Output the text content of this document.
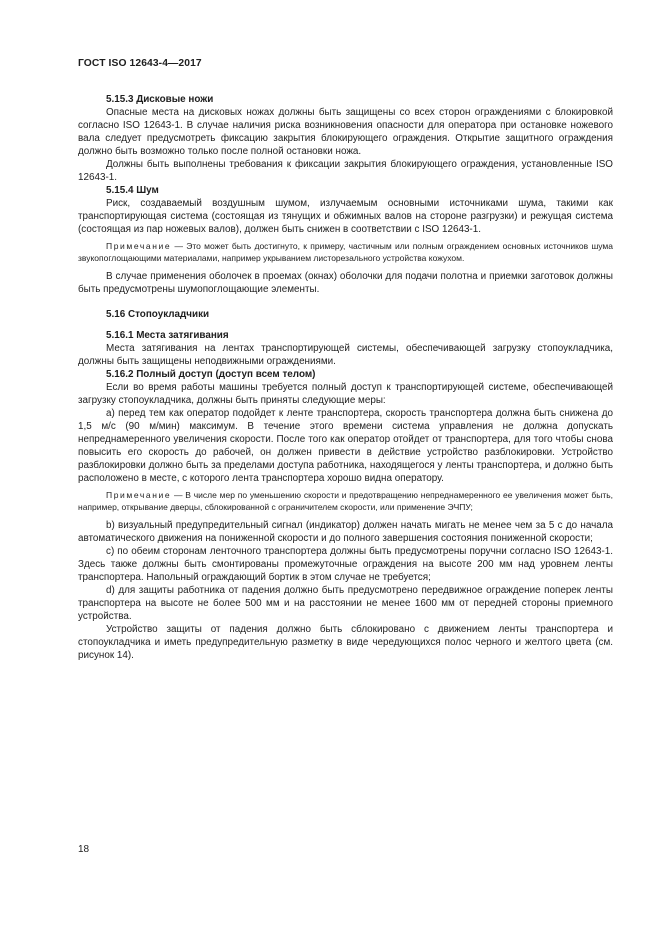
ГОСТ ISO 12643-4—2017

5.15.3 Дисковые ножи

Опасные места на дисковых ножах должны быть защищены со всех сторон ограждениями с блокировкой согласно ISO 12643-1. В случае наличия риска возникновения опасности для оператора при остановке ножевого вала следует предусмотреть фиксацию закрытия блокирующего ограждения. Открытие защитного ограждения должно быть возможно только после полной остановки ножа.

Должны быть выполнены требования к фиксации закрытия блокирующего ограждения, установленные ISO 12643-1.

5.15.4 Шум

Риск, создаваемый воздушным шумом, излучаемым основными источниками шума, такими как транспортирующая система (состоящая из тянущих и обжимных валов на стороне разгрузки) и режущая система (состоящая из пар ножевых валов), должен быть снижен в соответствии с ISO 12643-1.

Примечание — Это может быть достигнуто, к примеру, частичным или полным ограждением основных источников шума звукопоглощающими материалами, например укрыванием листорезального устройства кожухом.

В случае применения оболочек в проемах (окнах) оболочки для подачи полотна и приемки заготовок должны быть предусмотрены шумопоглощающие элементы.

5.16 Стопоукладчики

5.16.1 Места затягивания

Места затягивания на лентах транспортирующей системы, обеспечивающей загрузку стопоукладчика, должны быть защищены неподвижными ограждениями.

5.16.2 Полный доступ (доступ всем телом)

Если во время работы машины требуется полный доступ к транспортирующей системе, обеспечивающей загрузку стопоукладчика, должны быть приняты следующие меры:

a) перед тем как оператор подойдет к ленте транспортера, скорость транспортера должна быть снижена до 1,5 м/с (90 м/мин) максимум. В течение этого времени система управления не должна допускать непреднамеренного увеличения скорости. После того как оператор отойдет от транспортера, для того чтобы снова повысить его скорость до рабочей, он должен привести в действие устройство разблокировки. Устройство разблокировки должно быть за пределами доступа работника, находящегося у ленты транспортера, и должно быть расположено в месте, с которого лента транспортера хорошо видна оператору.

Примечание — В числе мер по уменьшению скорости и предотвращению непреднамеренного ее увеличения может быть, например, открывание дверцы, сблокированной с ограничителем скорости, или применение ЭЧПУ;

b) визуальный предупредительный сигнал (индикатор) должен начать мигать не менее чем за 5 с до начала автоматического движения на пониженной скорости и до полного завершения состояния пониженной скорости;

c) по обеим сторонам ленточного транспортера должны быть предусмотрены поручни согласно ISO 12643-1. Здесь также должны быть смонтированы промежуточные ограждения на высоте 200 мм над уровнем ленты транспортера. Напольный ограждающий бортик в этом случае не требуется;

d) для защиты работника от падения должно быть предусмотрено передвижное ограждение поперек ленты транспортера на высоте не более 500 мм и на расстоянии не менее 1600 мм от передней стороны приемного устройства.

Устройство защиты от падения должно быть сблокировано с движением ленты транспортера и стопоукладчика и иметь предупредительную разметку в виде чередующихся полос черного и желтого цвета (см. рисунок 14).

18
